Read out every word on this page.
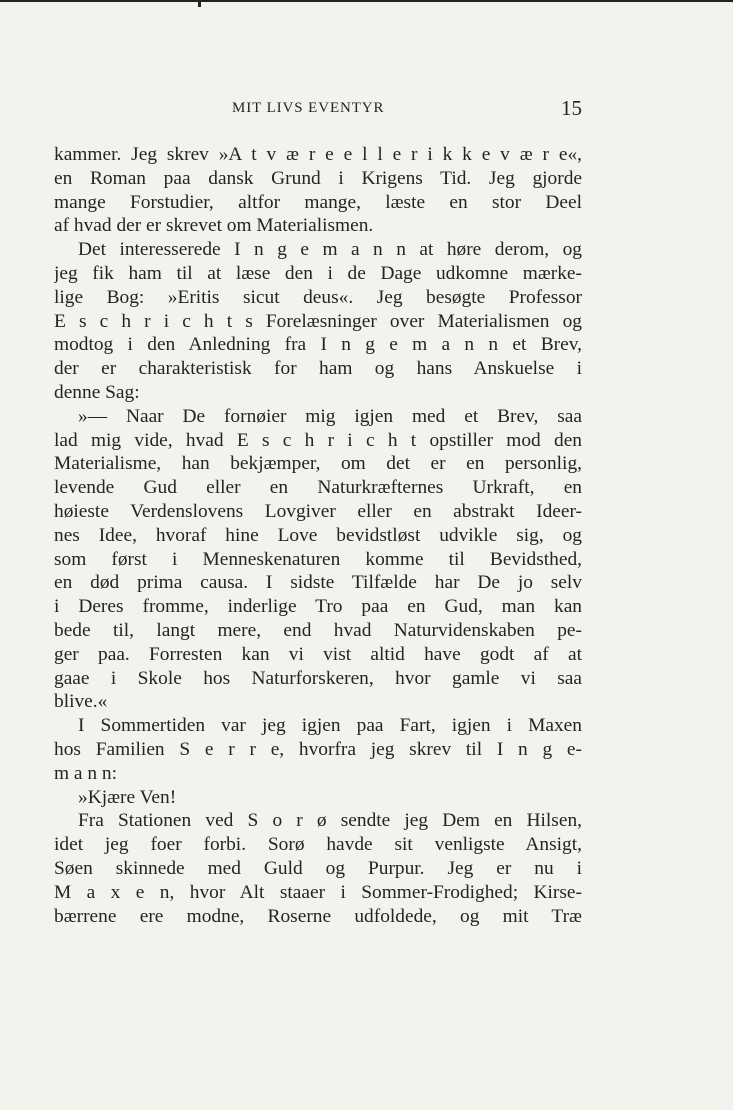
MIT LIVS EVENTYR	15
kammer. Jeg skrev »A t v æ r e e l l e r i k k e v æ r e«,
en Roman paa dansk Grund i Krigens Tid. Jeg gjorde
mange Forstudier, altfor mange, læste en stor Deel
af hvad der er skrevet om Materialismen.
Det interesserede I n g e m a n n at høre derom, og
jeg fik ham til at læse den i de Dage udkomne mærke-
lige Bog: »Eritis sicut deus«. Jeg besøgte Professor
E s c h r i c h t s Forelæsninger over Materialismen og
modtog i den Anledning fra I n g e m a n n et Brev,
der er charakteristisk for ham og hans Anskuelse i
denne Sag:
»— Naar De fornøier mig igjen med et Brev, saa
lad mig vide, hvad E s c h r i c h t opstiller mod den
Materialisme, han bekjæmper, om det er en personlig,
levende Gud eller en Naturkræfternes Urkraft, en
høieste Verdenslovens Lovgiver eller en abstrakt Ideer-
nes Idee, hvoraf hine Love bevidstløst udvikle sig, og
som først i Menneskenaturen komme til Bevidsthed,
en død prima causa. I sidste Tilfælde har De jo selv
i Deres fromme, inderlige Tro paa en Gud, man kan
bede til, langt mere, end hvad Naturvidenskaben pe-
ger paa. Forresten kan vi vist altid have godt af at
gaae i Skole hos Naturforskeren, hvor gamle vi saa
blive.«
I Sommertiden var jeg igjen paa Fart, igjen i Maxen
hos Familien S e r r e, hvorfra jeg skrev til I n g e-
m a n n:
»Kjære Ven!
Fra Stationen ved S o r ø sendte jeg Dem en Hilsen,
idet jeg foer forbi. Sorø havde sit venligste Ansigt,
Søen skinnede med Guld og Purpur. Jeg er nu i
M a x e n, hvor Alt staaer i Sommer-Frodighed; Kirse-
bærrene ere modne, Roserne udfoldede, og mit Træ
